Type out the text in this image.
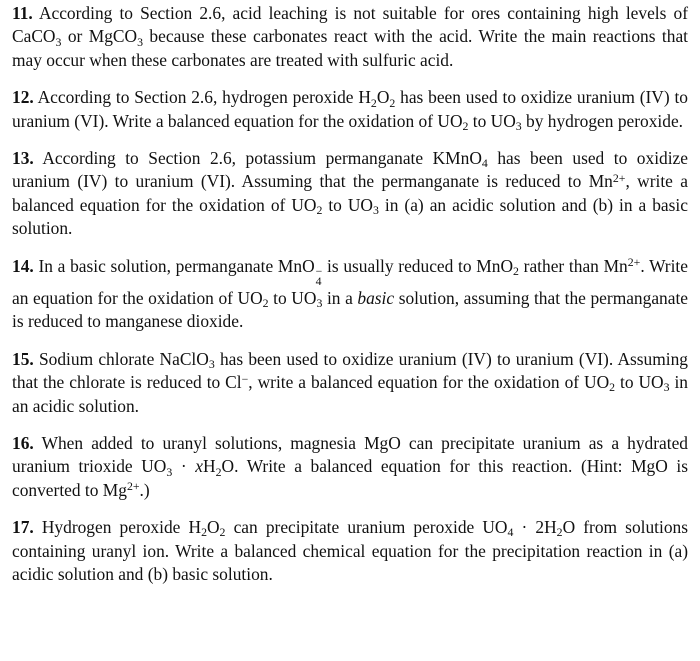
11. According to Section 2.6, acid leaching is not suitable for ores containing high levels of CaCO$_3$ or MgCO$_3$ because these carbonates react with the acid. Write the main reactions that may occur when these carbonates are treated with sulfuric acid.

12. According to Section 2.6, hydrogen peroxide $H_2O_2$ has been used to oxidize uranium (IV) to uranium (VI). Write a balanced equation for the oxidation of $UO_2$ to $UO_3$ by hydrogen peroxide.

13. According to Section 2.6, potassium permanganate KMnO$_4$ has been used to oxidize uranium (IV) to uranium (VI). Assuming that the permanganate is reduced to $Mn^{2+}$, write a balanced equation for the oxidation of $UO_2$ to $UO_3$ in (a) an acidic solution and (b) in a basic solution.

14. In a basic solution, permanganate MnO −
4
is usually reduced to MnO$_2$ rather than $Mn^{2+}$. Write an equation for the oxidation of $UO_2$ to $UO_3$ in a basic solution, assuming that the permanganate is reduced to manganese dioxide.

15. Sodium chlorate NaClO$_3$ has been used to oxidize uranium (IV) to uranium (VI). Assuming that the chlorate is reduced to Cl−, write a balanced equation for the oxidation of $UO_2$ to $UO_3$ in an acidic solution.

16. When added to uranyl solutions, magnesia MgO can precipitate uranium as a hydrated uranium trioxide $UO_3 \cdot xH_2O$. Write a balanced equation for this reaction. (Hint: MgO is converted to $Mg^{2+}$.)

17. Hydrogen peroxide $H_2O_2$ can precipitate uranium peroxide $UO_4 \cdot 2H_2O$ from solutions containing uranyl ion. Write a balanced chemical equation for the precipitation reaction in (a) acidic solution and (b) basic solution.
